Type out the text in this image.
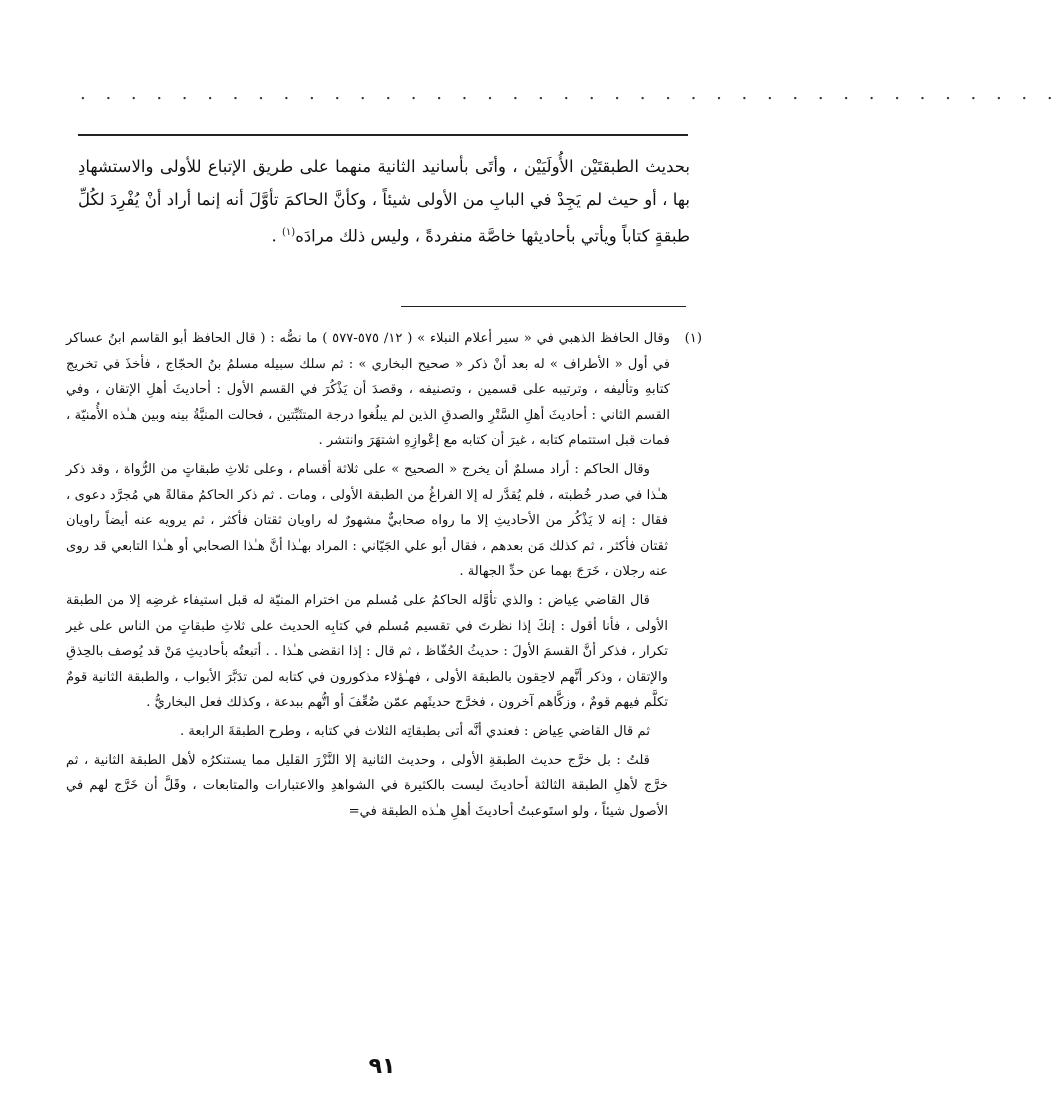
. . . . . . . . . . . . . . . . . . . . . . . . . . . . . . . . . . . . . . .
بحديث الطبقتَيْن الأُولَيَيْن ، وأتَى بأسانيد الثانية منهما على طريق الإتباع للأولى والاستشهادِ بها ، أو حيث لم يَجِدْ في البابِ من الأولى شيئاً ، وكأنَّ الحاكمَ تأوَّلَ أنه إنما أراد أنْ يُفْرِدَ لكُلِّ طبقةٍ كتاباً ويأتي بأحاديثها خاصَّة منفردةً ، وليس ذلك مرادَه$^{(١)}$ .
(١)

وقال الحافظ الذهبي في « سير أعلام النبلاء » ( ١٢/ ٥٧٥-٥٧٧ ) ما نصُّه : ( قال الحافظ أبو القاسم ابنُ عساكر في أول « الأطراف » له بعد أنْ ذكر « صحيح البخاري » : ثم سلك سبيله مسلمُ بنُ الحجّاج ، فأخذَ في تخريج كتابهِ وتأليفه ، وترتيبه على قسمين ، وتصنيفه ، وقصدَ أن يَذْكُرَ في القسم الأول : أحاديثَ أهلِ الإتقان ، وفي القسم الثاني : أحاديثَ أهلِ السَّتْرِ والصدقِ الذين لم يبلُغوا درجة المتثَبِّتين ، فحالت المنيَّةُ بينه وبين هـٰذه الأُمنيّة ، فمات قبل استتمام كتابه ، غيرَ أن كتابه مع إعْوازِهِ اشتهَرَ وانتشر .

وقال الحاكم : أراد مسلمٌ أن يخرج « الصحيح » على ثلاثة أقسام ، وعلى ثلاثِ طبقاتٍ من الرُّواة ، وقد ذكر هـٰذا في صدر خُطبته ، فلم يُقدَّر له إلا الفراغُ من الطبقة الأولى ، ومات . ثم ذكر الحاكمُ مقالةً هي مُجرَّد دعوى ، فقال : إنه لا يَذْكُر من الأحاديثِ إلا ما رواه صحابيٌّ مشهورٌ له راويان ثقتان فأكثر ، ثم يرويه عنه أيضاً راويان ثقتان فأكثر ، ثم كذلك مَن بعدهم ، فقال أبو علي الجَيّاني : المراد بهـٰذا أنَّ هـٰذا الصحابي أو هـٰذا التابعي قد روى عنه رجلان ، خَرَجَ بهما عن حدِّ الجهالة .

قال القاضي عِياض : والذي تأوَّله الحاكمُ على مُسلم من اخترام المنيّة له قبل استيفاء غرضِه إلا من الطبقة الأولى ، فأنا أقول : إنكَ إذا نظرتَ في تقسيم مُسلم في كتابِه الحديث على ثلاثِ طبقاتٍ من الناس على غير تكرار ، فذكر أنَّ القسمَ الأولَ : حديثُ الحُفّاظ ، ثم قال : إذا انقضى هـٰذا . . أتبعتُه بأحاديثِ مَنْ قد يُوصف بالحِذقِ والإتقان ، وذكر أنَّهم لاحِقون بالطبقة الأولى ، فهـٰؤلاء مذكورون في كتابه لمن تدَبَّرَ الأبواب ، والطبقة الثانية قومٌ تكلَّم فيهم قومٌ ، وزكَّاهم آخرون ، فخرَّج حديثَهم عمّن ضُعِّفَ أو اتُّهم ببدعة ، وكذلك فعل البخاريُّ .

ثم قال القاضي عِياض : فعندي أنَّه أتى بطبقاتِه الثلاث في كتابه ، وطرح الطبقةَ الرابعة .

قلتُ : بل خرَّج حديث الطبقةِ الأولى ، وحديث الثانية إلا النَّزْرَ القليل مما يستنكرُه لأهل الطبقة الثانية ، ثم خرَّج لأهلِ الطبقة الثالثة أحاديثَ ليست بالكثيرة في الشواهدِ والاعتبارات والمتابعات ، وقَلَّ أن خَرَّج لهم في الأصول شيئاً ، ولو استَوعبتُ أحاديثَ أهلِ هـٰذه الطبقة في=

٩١
